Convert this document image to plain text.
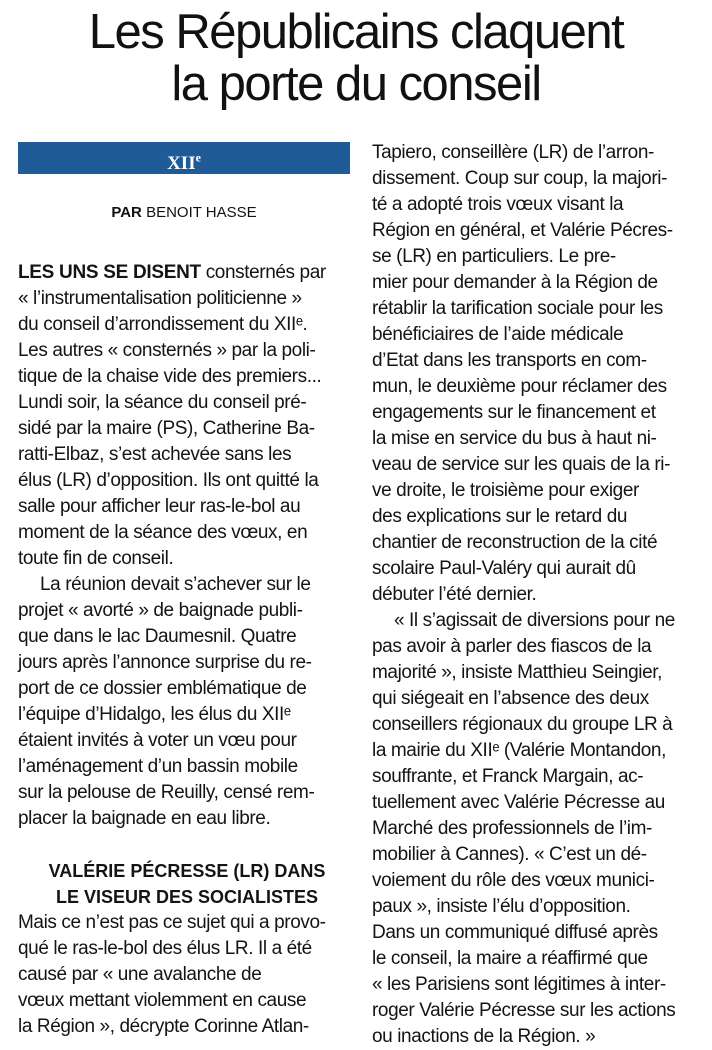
Les Républicains claquent
la porte du conseil
XIIe
PAR BENOIT HASSE
LES UNS SE DISENT consternés par
« l’instrumentalisation politicienne »
du conseil d’arrondissement du XIIᵉ.
Les autres « consternés » par la poli-
tique de la chaise vide des premiers...
Lundi soir, la séance du conseil pré-
sidé par la maire (PS), Catherine Ba-
ratti-Elbaz, s’est achevée sans les
élus (LR) d’opposition. Ils ont quitté la
salle pour afficher leur ras-le-bol au
moment de la séance des vœux, en
toute fin de conseil.
La réunion devait s’achever sur le
projet « avorté » de baignade publi-
que dans le lac Daumesnil. Quatre
jours après l’annonce surprise du re-
port de ce dossier emblématique de
l’équipe d’Hidalgo, les élus du XIIᵉ
étaient invités à voter un vœu pour
l’aménagement d’un bassin mobile
sur la pelouse de Reuilly, censé rem-
placer la baignade en eau libre.
VALÉRIE PÉCRESSE (LR) DANS
LE VISEUR DES SOCIALISTES
Mais ce n’est pas ce sujet qui a provo-
qué le ras-le-bol des élus LR. Il a été
causé par « une avalanche de
vœux mettant violemment en cause
la Région », décrypte Corinne Atlan-
Tapiero, conseillère (LR) de l’arron-
dissement. Coup sur coup, la majori-
té a adopté trois vœux visant la
Région en général, et Valérie Pécres-
se (LR) en particuliers. Le pre-
mier pour demander à la Région de
rétablir la tarification sociale pour les
bénéficiaires de l’aide médicale
d’Etat dans les transports en com-
mun, le deuxième pour réclamer des
engagements sur le financement et
la mise en service du bus à haut ni-
veau de service sur les quais de la ri-
ve droite, le troisième pour exiger
des explications sur le retard du
chantier de reconstruction de la cité
scolaire Paul-Valéry qui aurait dû
débuter l’été dernier.
« Il s’agissait de diversions pour ne
pas avoir à parler des fiascos de la
majorité », insiste Matthieu Seingier,
qui siégeait en l’absence des deux
conseillers régionaux du groupe LR à
la mairie du XIIᵉ (Valérie Montandon,
souffrante, et Franck Margain, ac-
tuellement avec Valérie Pécresse au
Marché des professionnels de l’im-
mobilier à Cannes). « C’est un dé-
voiement du rôle des vœux munici-
paux », insiste l’élu d’opposition.
Dans un communiqué diffusé après
le conseil, la maire a réaffirmé que
« les Parisiens sont légitimes à inter-
roger Valérie Pécresse sur les actions
ou inactions de la Région. »
